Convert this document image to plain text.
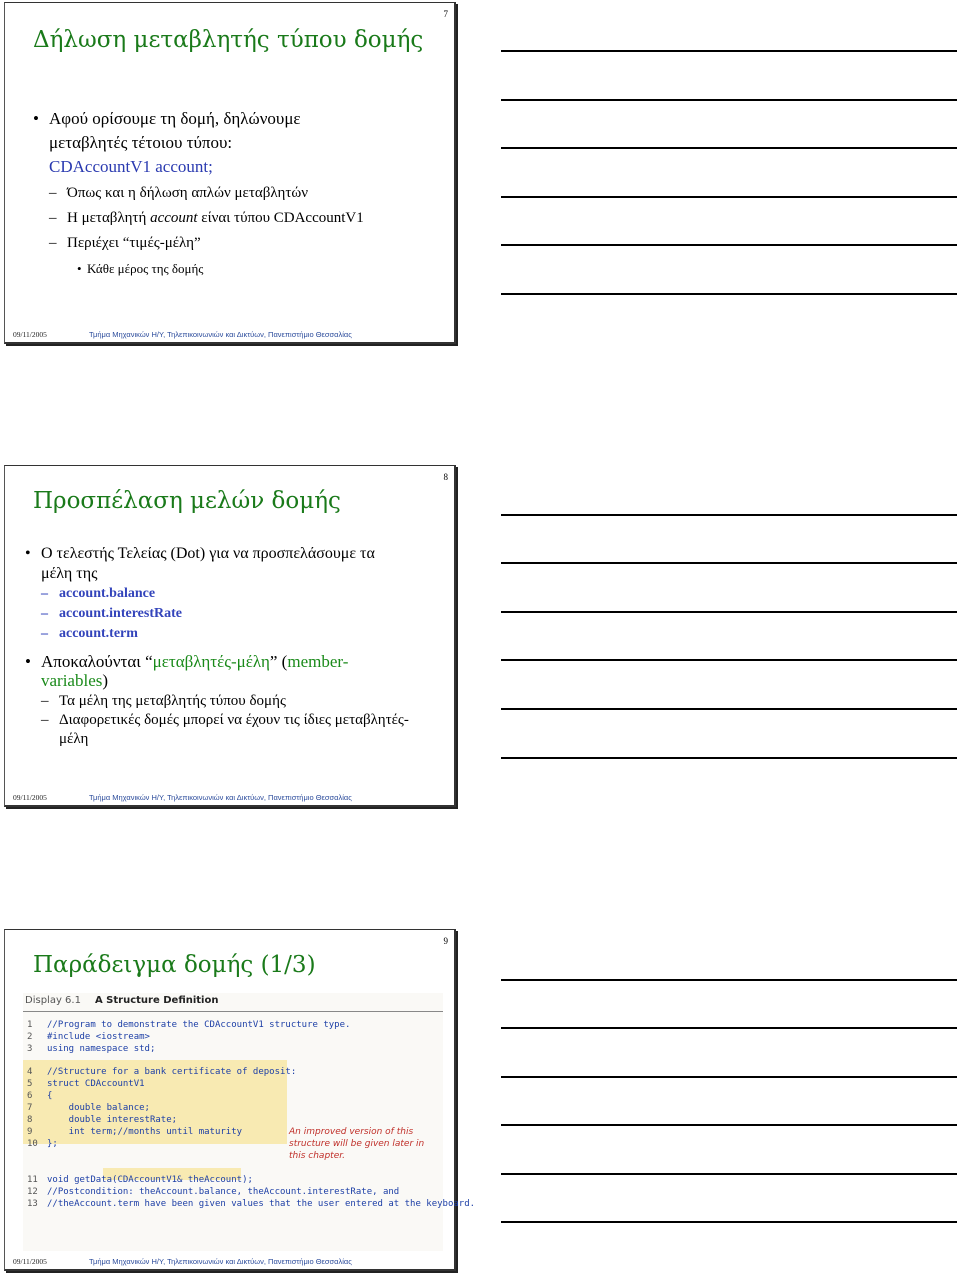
7
Δήλωση μεταβλητής τύπου δομής
• Αφού ορίσουμε τη δομή, δηλώνουμε
μεταβλητές τέτοιου τύπου:
CDAccountV1 account;
– Όπως και η δήλωση απλών μεταβλητών
– Η μεταβλητή account είναι τύπου CDAccountV1
– Περιέχει “τιμές-μέλη”
• Κάθε μέρος της δομής
09/11/2005	Τμήμα Μηχανικών Η/Υ, Τηλεπικοινωνιών και Δικτύων, Πανεπιστήμιο Θεσσαλίας
8
Προσπέλαση μελών δομής
• Ο τελεστής Τελείας (Dot) για να προσπελάσουμε τα
μέλη της
– account.balance
– account.interestRate
– account.term
• Αποκαλούνται “μεταβλητές-μέλη” (member-
variables)
– Τα μέλη της μεταβλητής τύπου δομής
– Διαφορετικές δομές μπορεί να έχουν τις ίδιες μεταβλητές-
μέλη
09/11/2005	Τμήμα Μηχανικών Η/Υ, Τηλεπικοινωνιών και Δικτύων, Πανεπιστήμιο Θεσσαλίας
9
Παράδειγμα δομής (1/3)
Display 6.1 A Structure Definition
1 //Program to demonstrate the CDAccountV1 structure type.
2 #include <iostream>
3 using namespace std;
4 //Structure for a bank certificate of deposit:
5 struct CDAccountV1
6 {
7    double balance;
8    double interestRate;
9    int term;//months until maturity
10 };
11 void getData(CDAccountV1& theAccount);
12 //Postcondition: theAccount.balance, theAccount.interestRate, and
13 //theAccount.term have been given values that the user entered at the keyboard.
An improved version of this structure will be given later in this chapter.
09/11/2005	Τμήμα Μηχανικών Η/Υ, Τηλεπικοινωνιών και Δικτύων, Πανεπιστήμιο Θεσσαλίας
